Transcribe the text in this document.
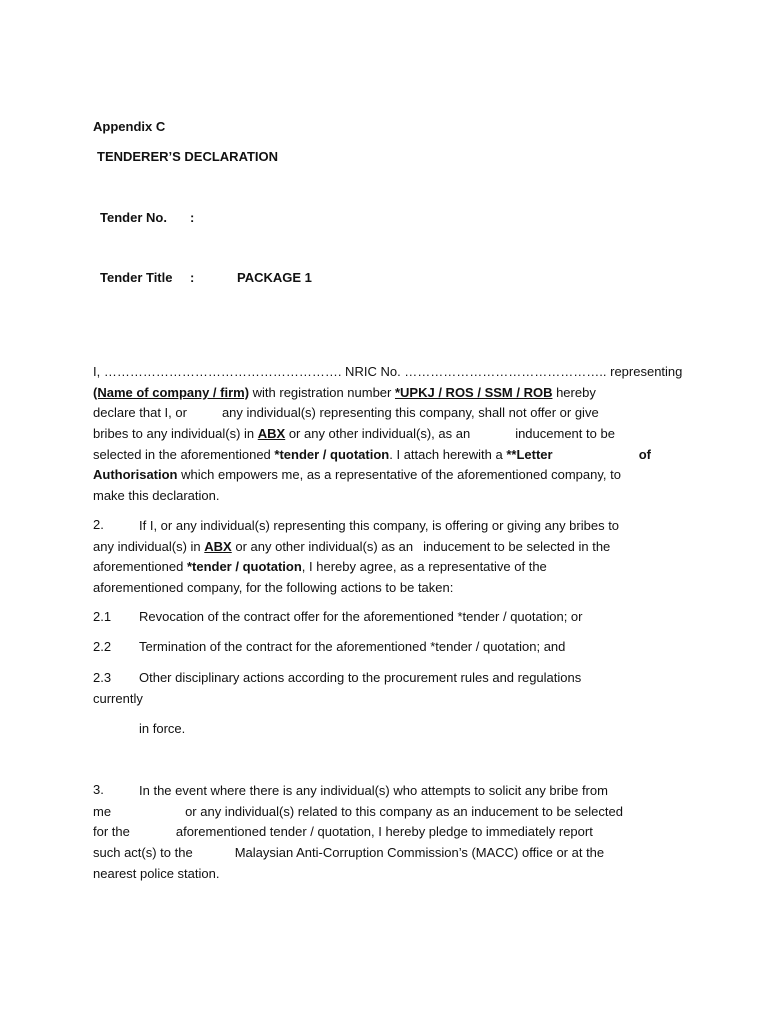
Appendix C
TENDERER’S DECLARATION
Tender No. :
Tender Title :	PACKAGE 1
I, ………………………………………………. NRIC No. ……………………………………….. representing
(Name of company / firm) with registration number *UPKJ / ROS / SSM / ROB hereby
declare that I, or	any individual(s) representing this company, shall not offer or give
bribes to any individual(s) in ABX or any other individual(s), as an	inducement to be
selected in the aforementioned *tender / quotation. I attach herewith a **Letter	of
Authorisation which empowers me, as a representative of the aforementioned company, to
make this declaration.
2.	If I, or any individual(s) representing this company, is offering or giving any bribes to
any individual(s) in ABX or any other individual(s) as an inducement to be selected in the
aforementioned *tender / quotation, I hereby agree, as a representative of the
aforementioned company, for the following actions to be taken:
2.1 Revocation of the contract offer for the aforementioned *tender / quotation; or
2.2 Termination of the contract for the aforementioned *tender / quotation; and
2.3 Other disciplinary actions according to the procurement rules and regulations
currently
in force.
3.	In the event where there is any individual(s) who attempts to solicit any bribe from
me	or any individual(s) related to this company as an inducement to be selected
for the	aforementioned tender / quotation, I hereby pledge to immediately report
such act(s) to the	Malaysian Anti-Corruption Commission’s (MACC) office or at the
nearest police station.
